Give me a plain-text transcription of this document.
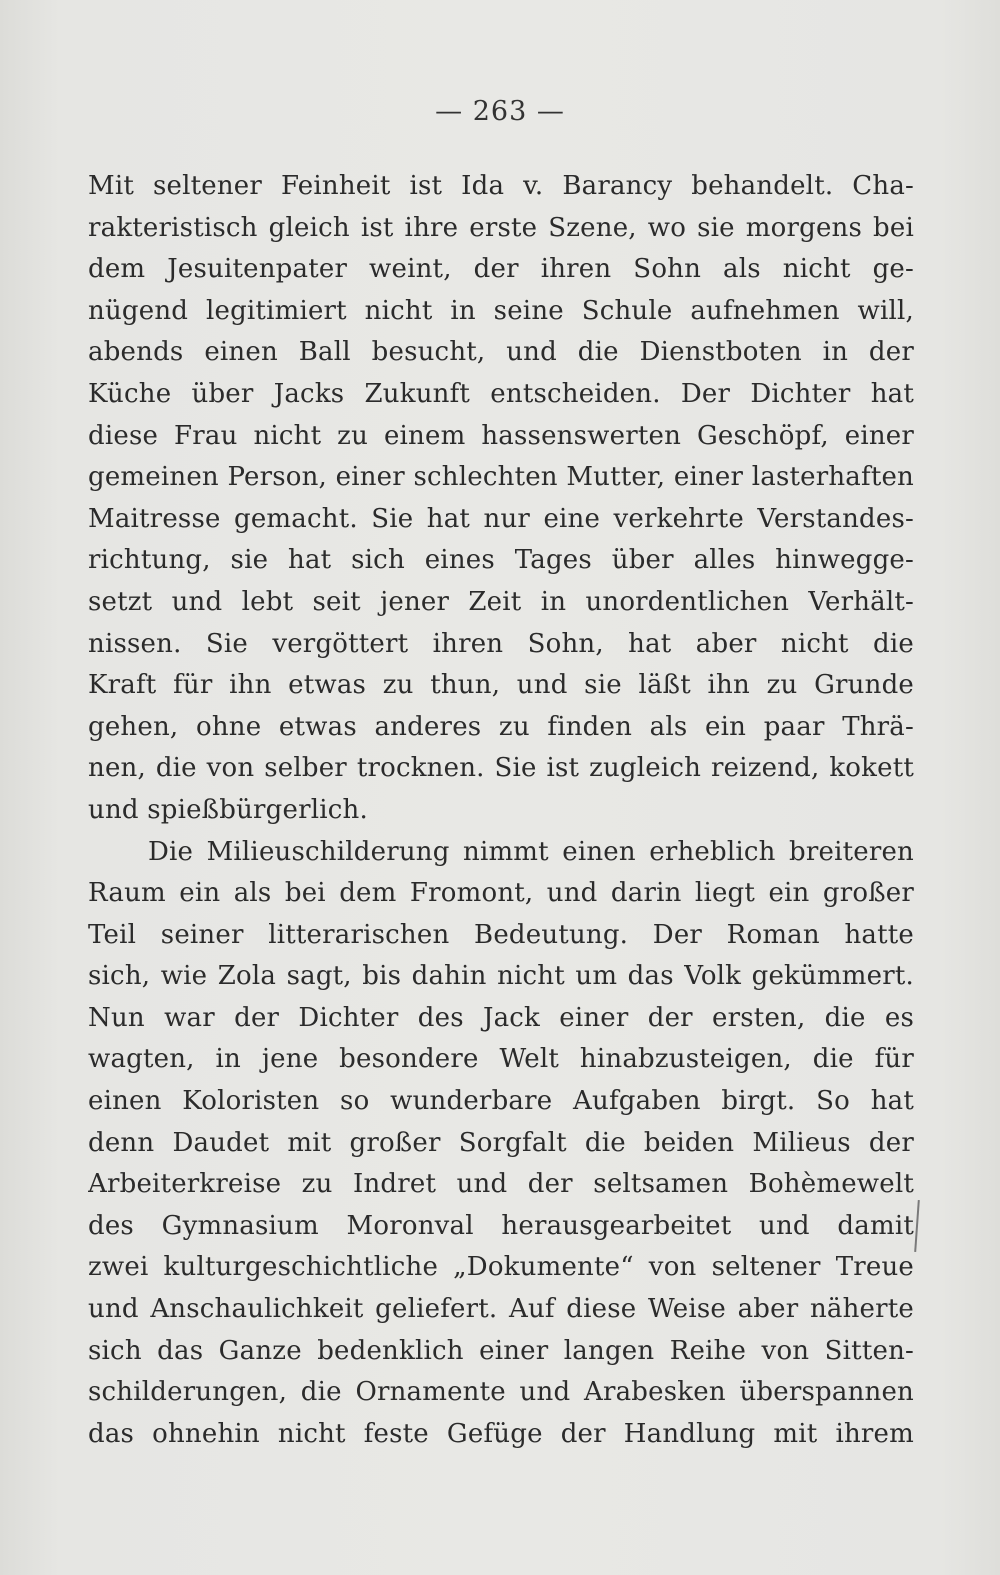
— 263 —
Mit seltener Feinheit ist Ida v. Barancy behandelt. Cha-
rakteristisch gleich ist ihre erste Szene, wo sie morgens bei
dem Jesuitenpater weint, der ihren Sohn als nicht ge-
nügend legitimiert nicht in seine Schule aufnehmen will,
abends einen Ball besucht, und die Dienstboten in der
Küche über Jacks Zukunft entscheiden. Der Dichter hat
diese Frau nicht zu einem hassenswerten Geschöpf, einer
gemeinen Person, einer schlechten Mutter, einer lasterhaften
Maitresse gemacht. Sie hat nur eine verkehrte Verstandes-
richtung, sie hat sich eines Tages über alles hinwegge-
setzt und lebt seit jener Zeit in unordentlichen Verhält-
nissen. Sie vergöttert ihren Sohn, hat aber nicht die
Kraft für ihn etwas zu thun, und sie läßt ihn zu Grunde
gehen, ohne etwas anderes zu finden als ein paar Thrä-
nen, die von selber trocknen. Sie ist zugleich reizend, kokett
und spießbürgerlich.
Die Milieuschilderung nimmt einen erheblich breiteren
Raum ein als bei dem Fromont, und darin liegt ein großer
Teil seiner litterarischen Bedeutung. Der Roman hatte
sich, wie Zola sagt, bis dahin nicht um das Volk gekümmert.
Nun war der Dichter des Jack einer der ersten, die es
wagten, in jene besondere Welt hinabzusteigen, die für
einen Koloristen so wunderbare Aufgaben birgt. So hat
denn Daudet mit großer Sorgfalt die beiden Milieus der
Arbeiterkreise zu Indret und der seltsamen Bohèmewelt
des Gymnasium Moronval herausgearbeitet und damit
zwei kulturgeschichtliche „Dokumente“ von seltener Treue
und Anschaulichkeit geliefert. Auf diese Weise aber näherte
sich das Ganze bedenklich einer langen Reihe von Sitten-
schilderungen, die Ornamente und Arabesken überspannen
das ohnehin nicht feste Gefüge der Handlung mit ihrem
